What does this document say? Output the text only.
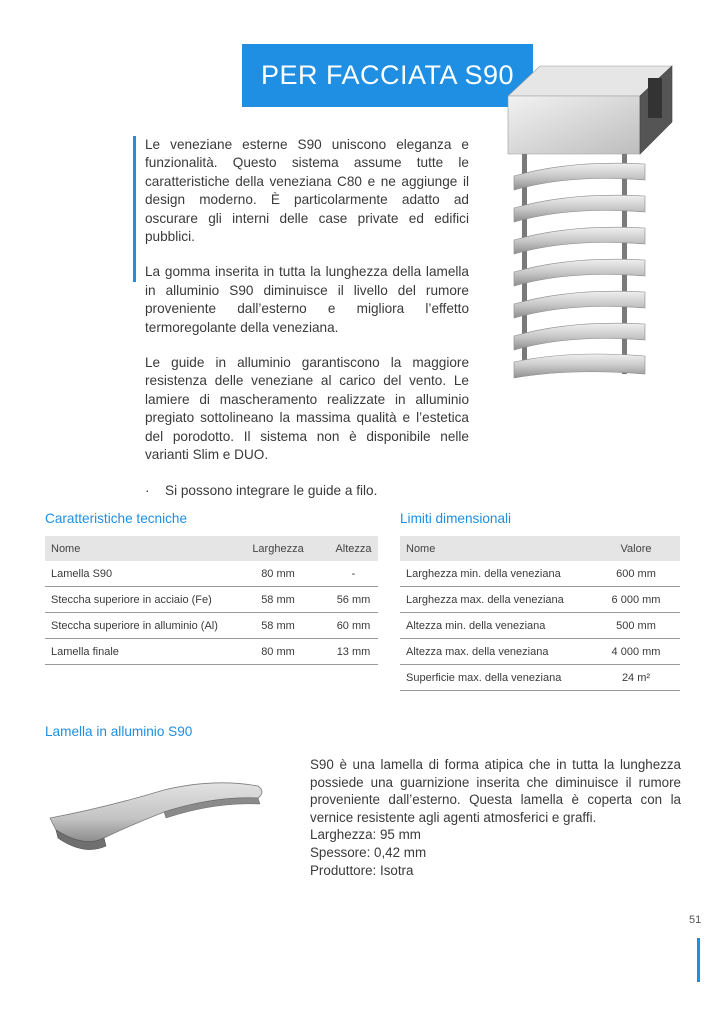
PER FACCIATA S90

Le veneziane esterne S90 uniscono eleganza e funzionalità. Questo sistema assume tutte le caratteristiche della veneziana C80 e ne aggiunge il design moderno. È particolarmente adatto ad oscurare gli interni delle case private ed edifici pubblici.

La gomma inserita in tutta la lunghezza della lamella in alluminio S90 diminuisce il livello del rumore proveniente dall’esterno e migliora l’effetto termoregolante della veneziana.

Le guide in alluminio garantiscono la maggiore resistenza delle veneziane al carico del vento. Le lamiere di mascheramento realizzate in alluminio pregiato sottolineano la massima qualità e l’estetica del porodotto. Il sistema non è disponibile nelle varianti Slim e DUO.

·	Si possono integrare le guide a filo.
Caratteristiche tecniche
Nome	Larghezza	Altezza
Lamella S90	80 mm	-
Steccha superiore in acciaio (Fe)	58 mm	56 mm
Steccha superiore in alluminio (Al)	58 mm	60 mm
Lamella finale	80 mm	13 mm
Limiti dimensionali
Nome	Valore
Larghezza min. della veneziana	600 mm
Larghezza max. della veneziana	6 000 mm
Altezza min. della veneziana	500 mm
Altezza max. della veneziana	4 000 mm
Superficie max. della veneziana	24 m²
Lamella in alluminio S90

S90 è una lamella di forma atipica che in tutta la lunghezza possiede una guarnizione inserita che diminuisce il rumore proveniente dall’esterno. Questa lamella è coperta con la vernice resistente agli agenti atmosferici e graffi.

Larghezza: 95 mm
Spessore: 0,42 mm
Produttore: Isotra
51
